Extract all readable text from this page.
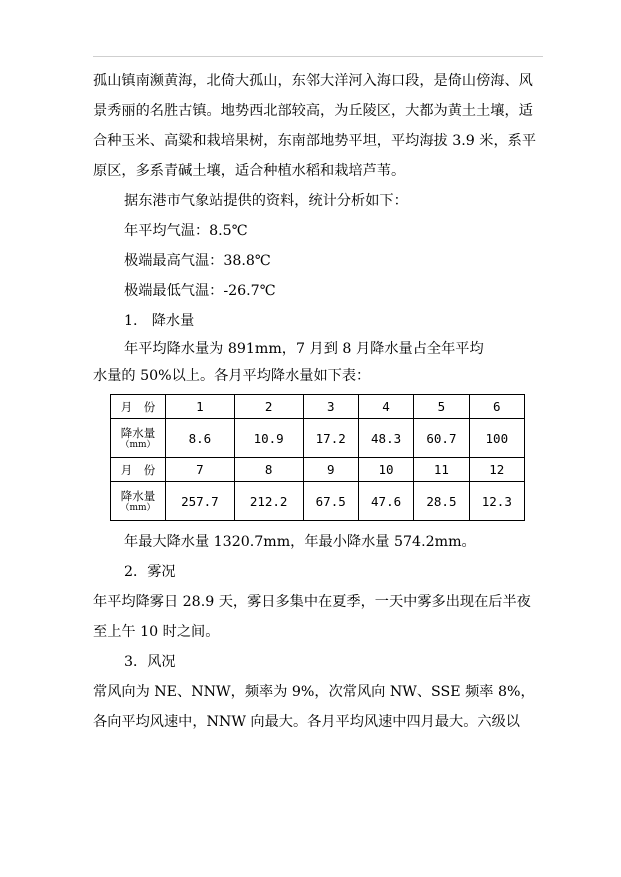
孤山镇南濒黄海，北倚大孤山，东邻大洋河入海口段，是倚山傍海、风景秀丽的名胜古镇。地势西北部较高，为丘陵区，大都为黄土土壤，适合种玉米、高粱和栽培果树，东南部地势平坦，平均海拔 3.9 米，系平原区，多系青碱土壤，适合种植水稻和栽培芦苇。

据东港市气象站提供的资料，统计分析如下：

年平均气温：8.5℃

极端最高气温：38.8℃

极端最低气温：-26.7℃

1.　降水量

年平均降水量为 891mm，7 月到 8 月降水量占全年平均

水量的 50%以上。各月平均降水量如下表：

月　份	1	2	3	4	5	6

降水量
（mm）	8.6	10.9	17.2	48.3	60.7	100
月　份	7	8	9	10	11	12

降水量
（mm）	257.7	212.2	67.5	47.6	28.5	12.3

年最大降水量 1320.7mm，年最小降水量 574.2mm。

2．雾况

年平均降雾日 28.9 天，雾日多集中在夏季，一天中雾多出现在后半夜至上午 10 时之间。

3．风况

常风向为 NE、NNW，频率为 9%，次常风向 NW、SSE 频率 8%，各向平均风速中，NNW 向最大。各月平均风速中四月最大。六级以
